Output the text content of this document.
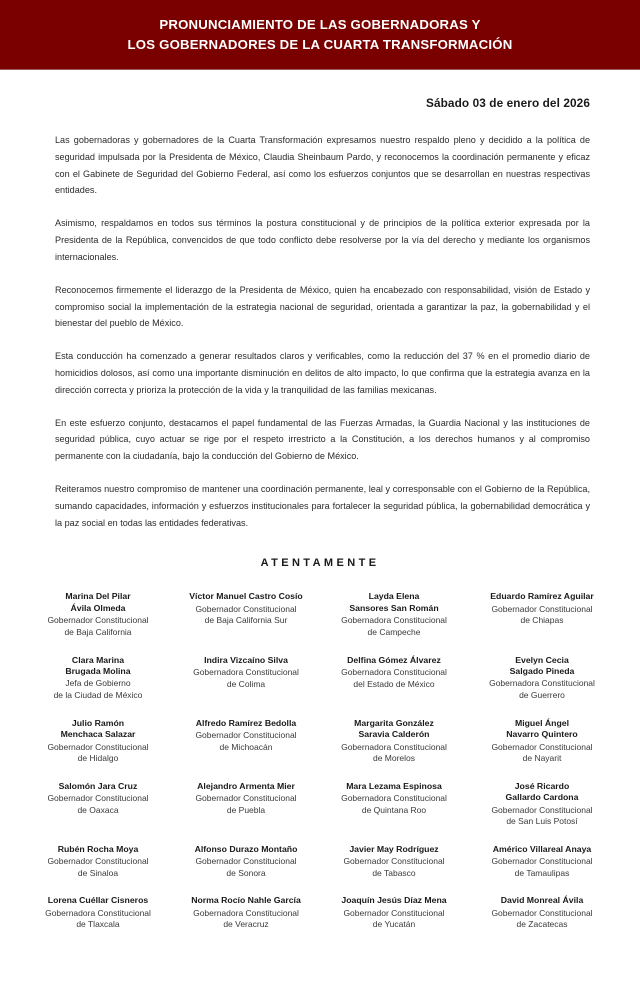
PRONUNCIAMIENTO DE LAS GOBERNADORAS Y
LOS GOBERNADORES DE LA CUARTA TRANSFORMACIÓN
Sábado 03 de enero del 2026

Las gobernadoras y gobernadores de la Cuarta Transformación expresamos nuestro respaldo pleno y decidido a la política de seguridad impulsada por la Presidenta de México, Claudia Sheinbaum Pardo, y reconocemos la coordinación permanente y eficaz con el Gabinete de Seguridad del Gobierno Federal, así como los esfuerzos conjuntos que se desarrollan en nuestras respectivas entidades.

Asimismo, respaldamos en todos sus términos la postura constitucional y de principios de la política exterior expresada por la Presidenta de la República, convencidos de que todo conflicto debe resolverse por la vía del derecho y mediante los organismos internacionales.

Reconocemos firmemente el liderazgo de la Presidenta de México, quien ha encabezado con responsabilidad, visión de Estado y compromiso social la implementación de la estrategia nacional de seguridad, orientada a garantizar la paz, la gobernabilidad y el bienestar del pueblo de México.

Esta conducción ha comenzado a generar resultados claros y verificables, como la reducción del 37 % en el promedio diario de homicidios dolosos, así como una importante disminución en delitos de alto impacto, lo que confirma que la estrategia avanza en la dirección correcta y prioriza la protección de la vida y la tranquilidad de las familias mexicanas.

En este esfuerzo conjunto, destacamos el papel fundamental de las Fuerzas Armadas, la Guardia Nacional y las instituciones de seguridad pública, cuyo actuar se rige por el respeto irrestricto a la Constitución, a los derechos humanos y al compromiso permanente con la ciudadanía, bajo la conducción del Gobierno de México.

Reiteramos nuestro compromiso de mantener una coordinación permanente, leal y corresponsable con el Gobierno de la República, sumando capacidades, información y esfuerzos institucionales para fortalecer la seguridad pública, la gobernabilidad democrática y la paz social en todas las entidades federativas.

ATENTAMENTE
Marina Del Pilar
Ávila Olmeda
Gobernador Constitucional
de Baja California
Víctor Manuel Castro Cosío
Gobernador Constitucional
de Baja California Sur
Layda Elena
Sansores San Román
Gobernadora Constitucional
de Campeche
Eduardo Ramírez Aguilar
Gobernador Constitucional
de Chiapas
Clara Marina
Brugada Molina
Jefa de Gobierno
de la Ciudad de México
Indira Vizcaíno Silva
Gobernadora Constitucional
de Colima
Delfina Gómez Álvarez
Gobernadora Constitucional
del Estado de México
Evelyn Cecia
Salgado Pineda
Gobernadora Constitucional
de Guerrero
Julio Ramón
Menchaca Salazar
Gobernador Constitucional
de Hidalgo
Alfredo Ramírez Bedolla
Gobernador Constitucional
de Michoacán
Margarita González
Saravia Calderón
Gobernadora Constitucional
de Morelos
Miguel Ángel
Navarro Quintero
Gobernador Constitucional
de Nayarit
Salomón Jara Cruz
Gobernador Constitucional
de Oaxaca
Alejandro Armenta Mier
Gobernador Constitucional
de Puebla
Mara Lezama Espinosa
Gobernadora Constitucional
de Quintana Roo
José Ricardo
Gallardo Cardona
Gobernador Constitucional
de San Luis Potosí
Rubén Rocha Moya
Gobernador Constitucional
de Sinaloa
Alfonso Durazo Montaño
Gobernador Constitucional
de Sonora
Javier May Rodríguez
Gobernador Constitucional
de Tabasco
Américo Villareal Anaya
Gobernador Constitucional
de Tamaulipas
Lorena Cuéllar Cisneros
Gobernadora Constitucional
de Tlaxcala
Norma Rocío Nahle García
Gobernadora Constitucional
de Veracruz
Joaquín Jesús Díaz Mena
Gobernador Constitucional
de Yucatán
David Monreal Ávila
Gobernador Constitucional
de Zacatecas
